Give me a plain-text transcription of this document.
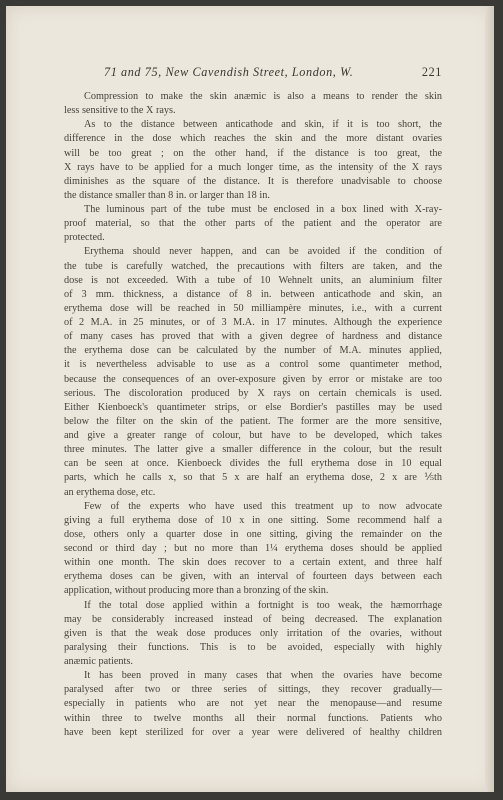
71 and 75, New Cavendish Street, London, W.	221

Compression to make the skin anæmic is also a means to render the skin
less sensitive to the X rays.

As to the distance between anticathode and skin, if it is too short, the
difference in the dose which reaches the skin and the more distant ovaries
will be too great ; on the other hand, if the distance is too great, the
X rays have to be applied for a much longer time, as the intensity of the X rays
diminishes as the square of the distance. It is therefore unadvisable to choose
the distance smaller than 8 in. or larger than 18 in.

The luminous part of the tube must be enclosed in a box lined with X-ray-
proof material, so that the other parts of the patient and the operator are
protected.

Erythema should never happen, and can be avoided if the condition of
the tube is carefully watched, the precautions with filters are taken, and the
dose is not exceeded. With a tube of 10 Wehnelt units, an aluminium filter
of 3 mm. thickness, a distance of 8 in. between anticathode and skin, an
erythema dose will be reached in 50 milliampère minutes, i.e., with a current
of 2 M.A. in 25 minutes, or of 3 M.A. in 17 minutes. Although the experience
of many cases has proved that with a given degree of hardness and distance
the erythema dose can be calculated by the number of M.A. minutes applied,
it is nevertheless advisable to use as a control some quantimeter method,
because the consequences of an over-exposure given by error or mistake are too
serious. The discoloration produced by X rays on certain chemicals is used.
Either Kienboeck's quantimeter strips, or else Bordier's pastilles may be used
below the filter on the skin of the patient. The former are the more sensitive,
and give a greater range of colour, but have to be developed, which takes
three minutes. The latter give a smaller difference in the colour, but the result
can be seen at once. Kienboeck divides the full erythema dose in 10 equal
parts, which he calls x, so that 5 x are half an erythema dose, 2 x are ⅕th
an erythema dose, etc.

Few of the experts who have used this treatment up to now advocate
giving a full erythema dose of 10 x in one sitting. Some recommend half a
dose, others only a quarter dose in one sitting, giving the remainder on the
second or third day ; but no more than 1¼ erythema doses should be applied
within one month. The skin does recover to a certain extent, and three half
erythema doses can be given, with an interval of fourteen days between each
application, without producing more than a bronzing of the skin.

If the total dose applied within a fortnight is too weak, the hæmorrhage
may be considerably increased instead of being decreased. The explanation
given is that the weak dose produces only irritation of the ovaries, without
paralysing their functions. This is to be avoided, especially with highly
anæmic patients.

It has been proved in many cases that when the ovaries have become
paralysed after two or three series of sittings, they recover gradually—
especially in patients who are not yet near the menopause—and resume
within three to twelve months all their normal functions. Patients who
have been kept sterilized for over a year were delivered of healthy children
